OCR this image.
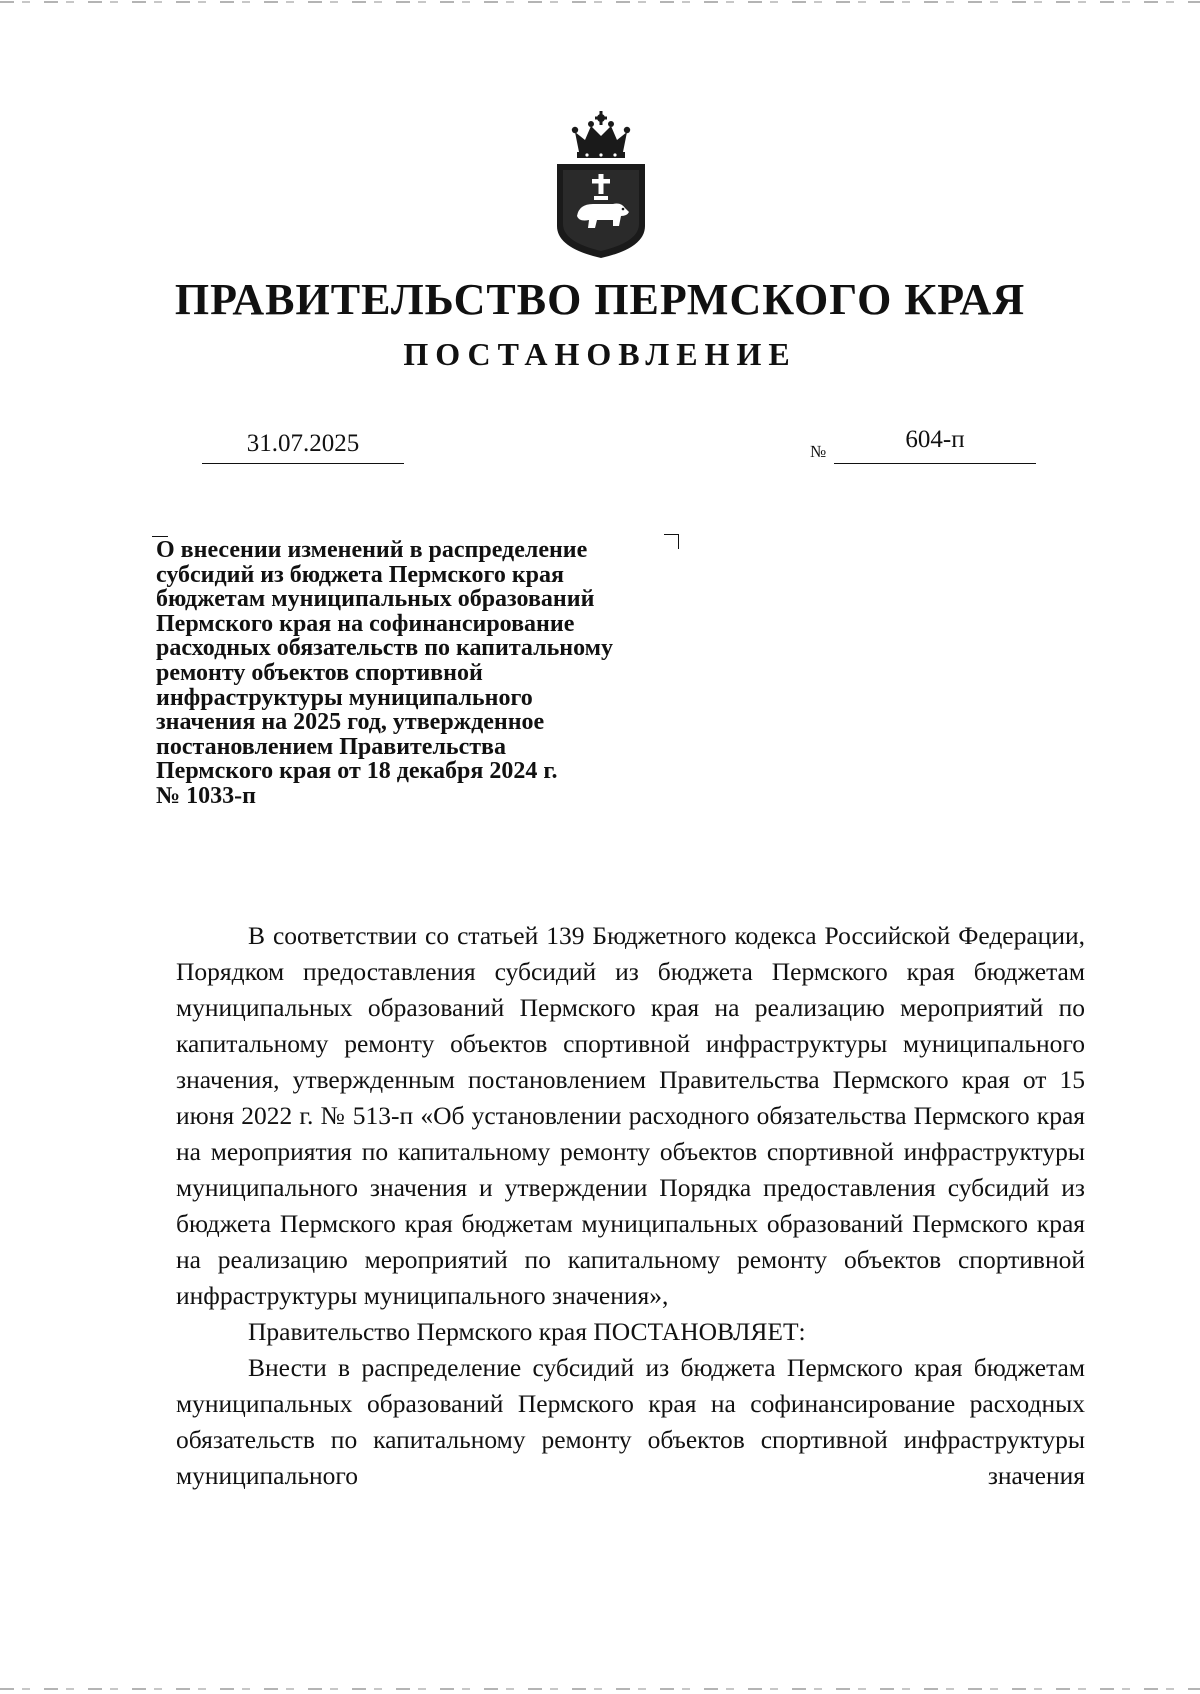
ПРАВИТЕЛЬСТВО ПЕРМСКОГО КРАЯ
ПОСТАНОВЛЕНИЕ
31.07.2025	№	604-п
О внесении изменений в распределение
субсидий из бюджета Пермского края
бюджетам муниципальных образований
Пермского края на софинансирование
расходных обязательств по капитальному
ремонту объектов спортивной
инфраструктуры муниципального
значения на 2025 год, утвержденное
постановлением Правительства
Пермского края от 18 декабря 2024 г.
№ 1033-п

В соответствии со статьей 139 Бюджетного кодекса Российской Федерации, Порядком предоставления субсидий из бюджета Пермского края бюджетам муниципальных образований Пермского края на реализацию мероприятий по капитальному ремонту объектов спортивной инфраструктуры муниципального значения, утвержденным постановлением Правительства Пермского края от 15 июня 2022 г. № 513-п «Об установлении расходного обязательства Пермского края на мероприятия по капитальному ремонту объектов спортивной инфраструктуры муниципального значения и утверждении Порядка предоставления субсидий из бюджета Пермского края бюджетам муниципальных образований Пермского края на реализацию мероприятий по капитальному ремонту объектов спортивной инфраструктуры муниципального значения»,

Правительство Пермского края ПОСТАНОВЛЯЕТ:

Внести в распределение субсидий из бюджета Пермского края бюджетам муниципальных образований Пермского края на софинансирование расходных обязательств по капитальному ремонту объектов спортивной инфраструктуры муниципального значения
